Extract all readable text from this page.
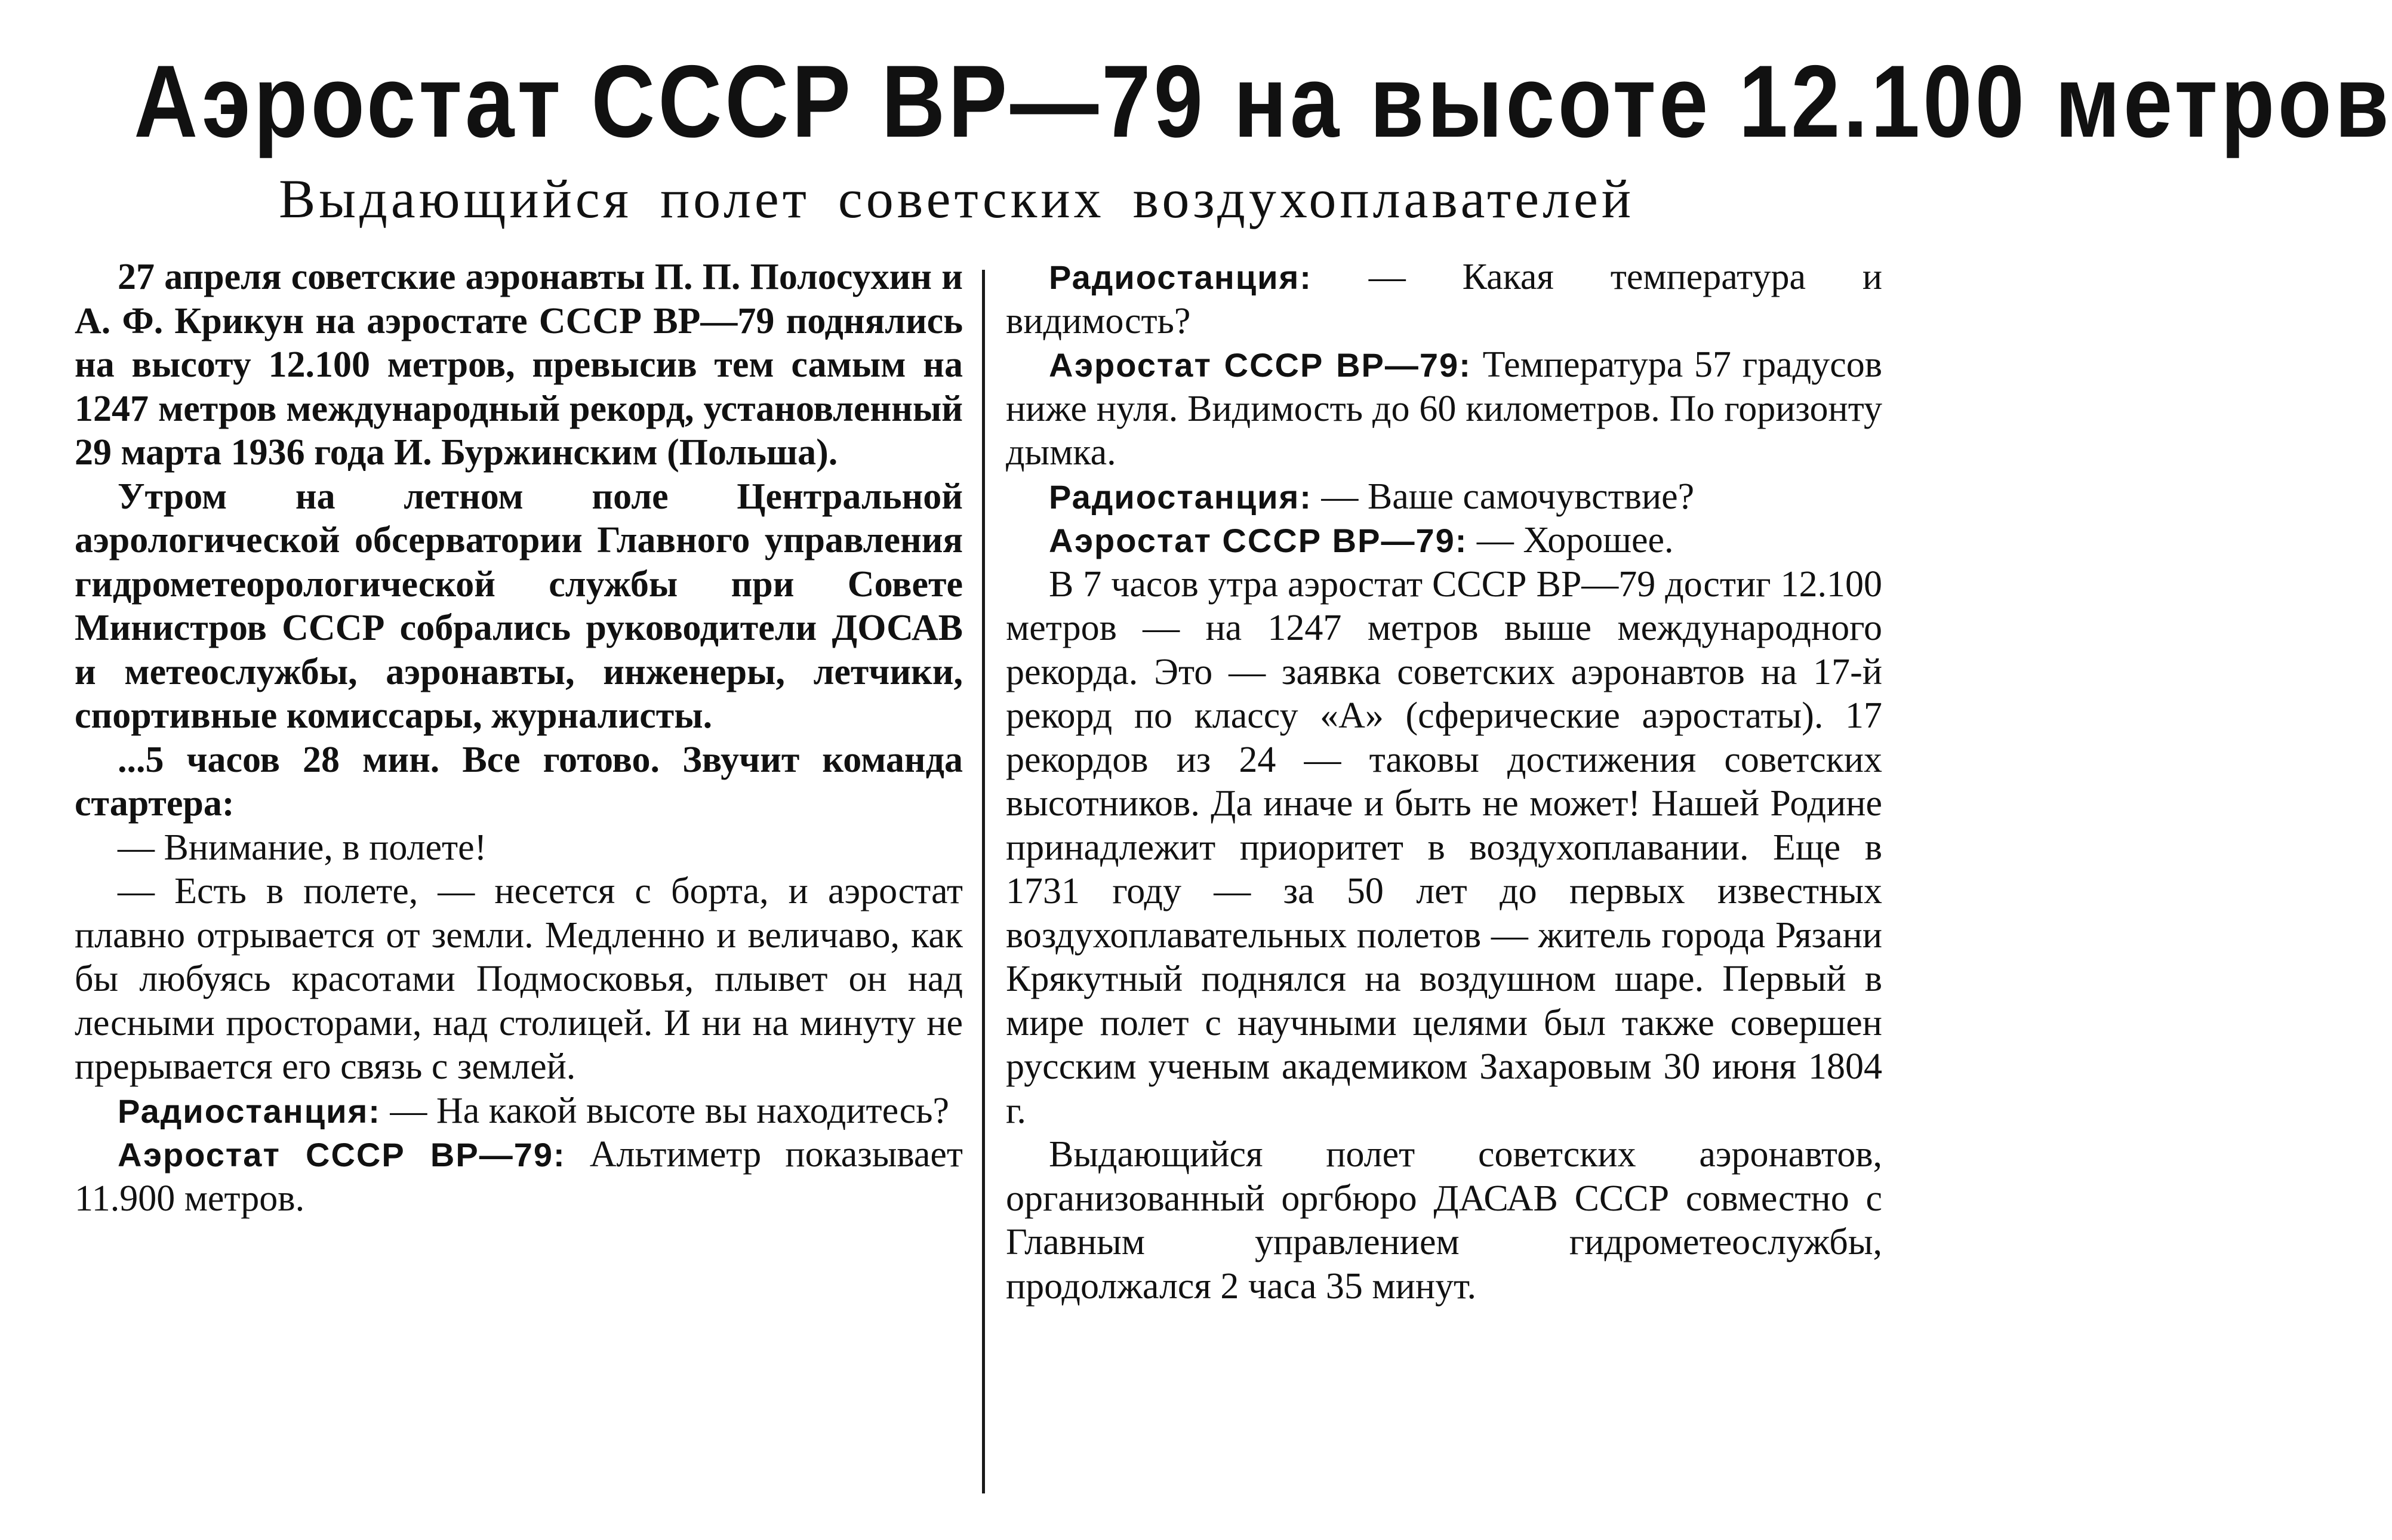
Аэростат СССР ВР—79 на высоте 12.100 метров
Выдающийся полет советских воздухоплавателей

27 апреля советские аэронавты П. П. Полосухин и А. Ф. Крикун на аэростате СССР ВР—79 поднялись на высоту 12.100 метров, превысив тем самым на 1247 метров международный рекорд, установленный 29 марта 1936 года И. Буржинским (Польша).

Утром на летном поле Центральной аэрологической обсерватории Главного управления гидрометеорологической службы при Совете Министров СССР собрались руководители ДОСАВ и метеослужбы, аэронавты, инженеры, летчики, спортивные комиссары, журналисты.

...5 часов 28 мин. Все готово. Звучит команда стартера:

— Внимание, в полете!

— Есть в полете, — несется с борта, и аэростат плавно отрывается от земли. Медленно и величаво, как бы любуясь красотами Подмосковья, плывет он над лесными просторами, над столицей. И ни на минуту не прерывается его связь с землей.

Радиостанция: — На какой высоте вы находитесь?

Аэростат СССР ВР—79: Альтиметр показывает 11.900 метров.

Радиостанция: — Какая температура и видимость?

Аэростат СССР ВР—79: Температура 57 градусов ниже нуля. Видимость до 60 километров. По горизонту дымка.

Радиостанция: — Ваше самочувствие?

Аэростат СССР ВР—79: — Хорошее.

В 7 часов утра аэростат СССР ВР—79 достиг 12.100 метров — на 1247 метров выше международного рекорда. Это — заявка советских аэронавтов на 17-й рекорд по классу «А» (сферические аэростаты). 17 рекордов из 24 — таковы достижения советских высотников. Да иначе и быть не может! Нашей Родине принадлежит приоритет в воздухоплавании. Еще в 1731 году — за 50 лет до первых известных воздухоплавательных полетов — житель города Рязани Крякутный поднялся на воздушном шаре. Первый в мире полет с научными целями был также совершен русским ученым академиком Захаровым 30 июня 1804 г.

Выдающийся полет советских аэронавтов, организованный оргбюро ДАСАВ СССР совместно с Главным управлением гидрометеослужбы, продолжался 2 часа 35 минут.
